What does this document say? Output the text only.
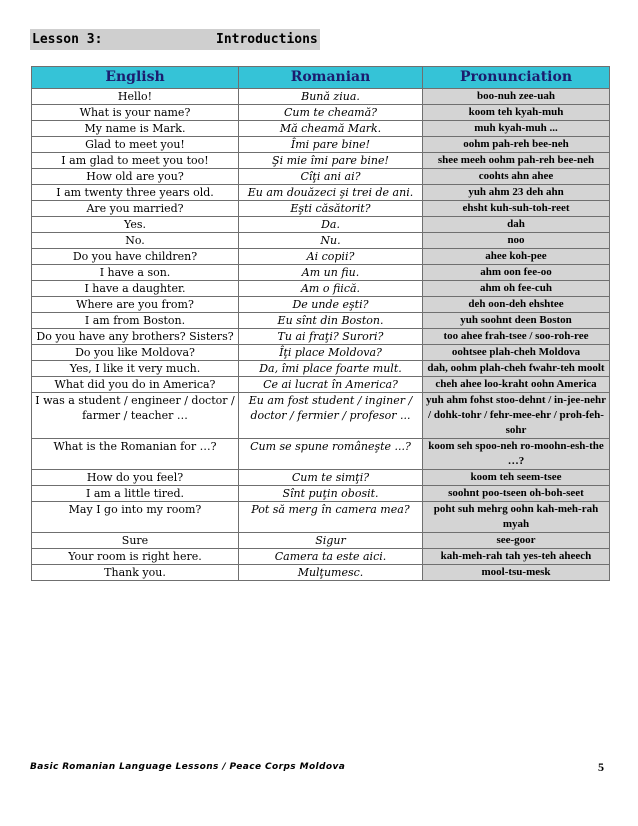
Lesson 3:	Introductions
English	Romanian	Pronunciation
Hello!	Bună ziua.	boo-nuh zee-uah
What is your name?	Cum te cheamă?	koom teh kyah-muh
My name is Mark.	Mă cheamă Mark.	muh kyah-muh ...
Glad to meet you!	Îmi pare bine!	oohm pah-reh bee-neh
I am glad to meet you too!	Şi mie îmi pare bine!	shee meeh oohm pah-reh bee-neh
How old are you?	Cîţi ani ai?	coohts ahn ahee
I am twenty three years old.	Eu am douăzeci şi trei de ani.	yuh ahm 23 deh ahn
Are you married?	Eşti căsătorit?	ehsht kuh-suh-toh-reet
Yes.	Da.	dah
No.	Nu.	noo
Do you have children?	Ai copii?	ahee koh-pee
I have a son.	Am un fiu.	ahm oon fee-oo
I have a daughter.	Am o fiică.	ahm oh fee-cuh
Where are you from?	De unde eşti?	deh oon-deh ehshtee
I am from Boston.	Eu sînt din Boston.	yuh soohnt deen Boston
Do you have any brothers? Sisters?	Tu ai fraţi? Surori?	too ahee frah-tsee / soo-roh-ree
Do you like Moldova?	Îţi place Moldova?	oohtsee plah-cheh Moldova
Yes, I like it very much.	Da, îmi place foarte mult.	dah, oohm plah-cheh fwahr-teh moolt
What did you do in America?	Ce ai lucrat în America?	cheh ahee loo-kraht oohn America
I was a student / engineer / doctor / farmer / teacher …	Eu am fost student / inginer / doctor / fermier / profesor ...	yuh ahm fohst stoo-dehnt / in-jee-nehr / dohk-tohr / fehr-mee-ehr / proh-feh-sohr
What is the Romanian for …?	Cum se spune româneşte ...?	koom seh spoo-neh ro-moohn-esh-the …?
How do you feel?	Cum te simţi?	koom teh seem-tsee
I am a little tired.	Sînt puţin obosit.	soohnt poo-tseen oh-boh-seet
May I go into my room?	Pot să merg în camera mea?	poht suh mehrg oohn kah-meh-rah myah
Sure	Sigur	see-goor
Your room is right here.	Camera ta este aici.	kah-meh-rah tah yes-teh aheech
Thank you.	Mulţumesc.	mool-tsu-mesk
Basic Romanian Language Lessons / Peace Corps Moldova	5
